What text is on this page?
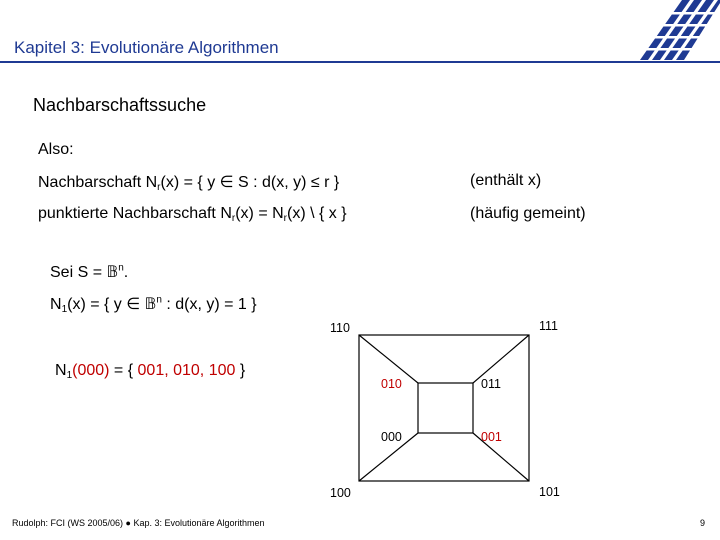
Kapitel 3: Evolutionäre Algorithmen
Nachbarschaftssuche
Also:
Nachbarschaft $N_r(x)$ = { y ∈ S : d(x, y) ≤ r }	(enthält x)
punktierte Nachbarschaft $N_r(x) = N_r(x)$ \ { x }	(häufig gemeint)
Sei S = 𝔹$^n$.
$N_1(x)$ = { y ∈ 𝔹$^n$ : d(x, y) = 1 }
$N_1(000)$ = { 001, 010, 100 }
110	111
100	101
010	011
000	001
Rudolph: FCI (WS 2005/06) ● Kap. 3: Evolutionäre Algorithmen	9
